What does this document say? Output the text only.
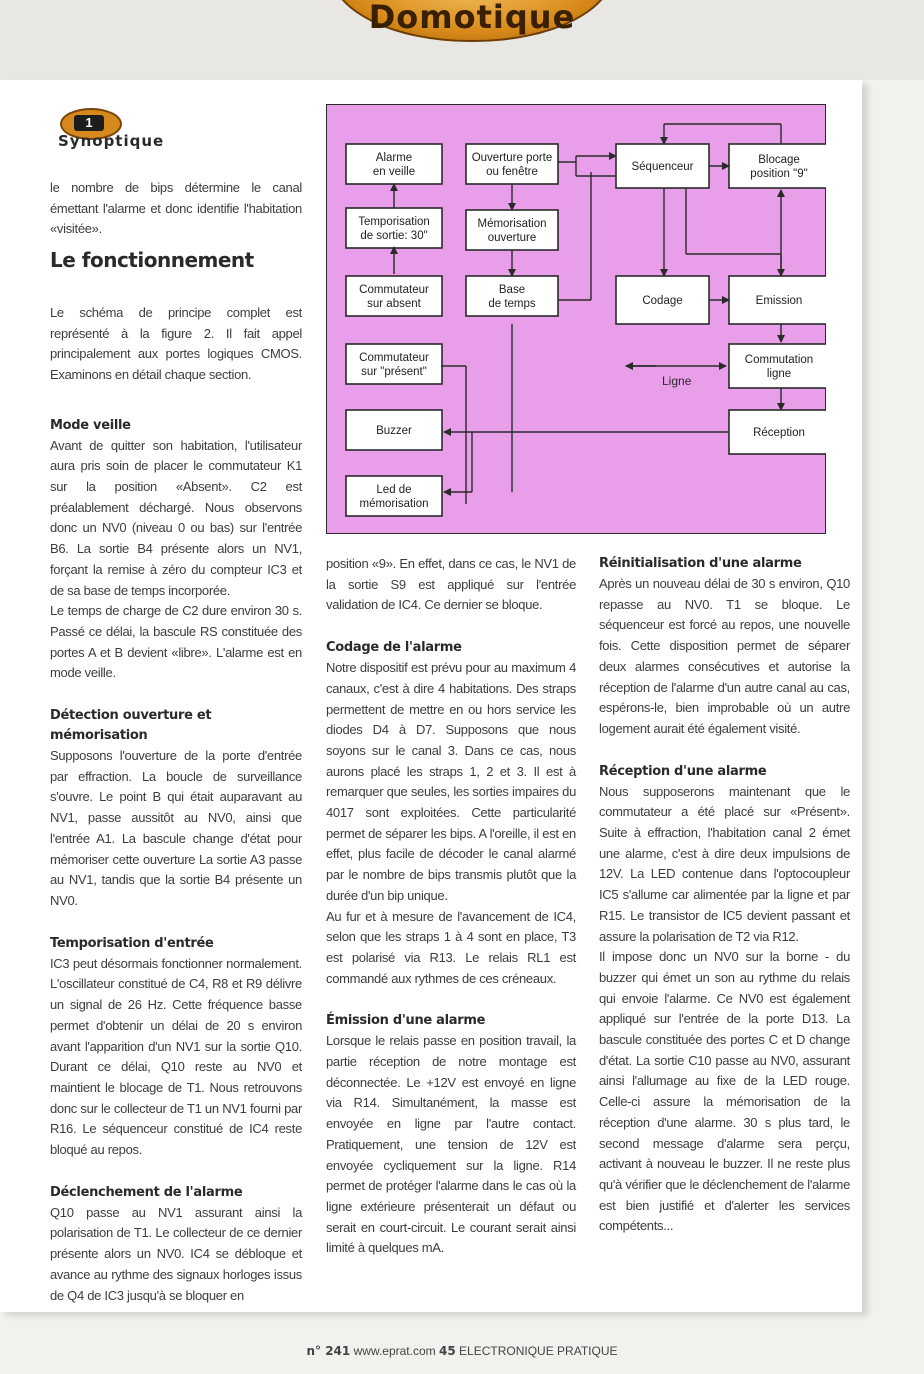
Domotique
1
Synoptique
Alarme
en veille
Ouverture porte
ou fenêtre	Séquenceur
Blocage
position "9"
Temporisation
de sortie: 30"
Mémorisation
ouverture
Commutateur
sur absent
Base
de temps	Codage	Emission
Commutateur
sur "présent"
Commutation
ligne
Buzzer	Réception
Led de
mémorisation
Ligne

le nombre de bips détermine le canal émettant l'alarme et donc identifie l'habitation «visitée».

Le fonctionnement

Le schéma de principe complet est représenté à la figure 2. Il fait appel principalement aux portes logiques CMOS. Examinons en détail chaque section.

Mode veille

Avant de quitter son habitation, l'utilisateur aura pris soin de placer le commutateur K1 sur la position «Absent». C2 est préalablement déchargé. Nous observons donc un NV0 (niveau 0 ou bas) sur l'entrée B6. La sortie B4 présente alors un NV1, forçant la remise à zéro du compteur IC3 et de sa base de temps incorporée.

Le temps de charge de C2 dure environ 30 s. Passé ce délai, la bascule RS constituée des portes A et B devient «libre». L'alarme est en mode veille.

Détection ouverture et mémorisation

Supposons l'ouverture de la porte d'entrée par effraction. La boucle de surveillance s'ouvre. Le point B qui était auparavant au NV1, passe aussitôt au NV0, ainsi que l'entrée A1. La bascule change d'état pour mémoriser cette ouverture La sortie A3 passe au NV1, tandis que la sortie B4 présente un NV0.

Temporisation d'entrée

IC3 peut désormais fonctionner normalement. L'oscillateur constitué de C4, R8 et R9 délivre un signal de 26 Hz. Cette fréquence basse permet d'obtenir un délai de 20 s environ avant l'apparition d'un NV1 sur la sortie Q10. Durant ce délai, Q10 reste au NV0 et maintient le blocage de T1. Nous retrouvons donc sur le collecteur de T1 un NV1 fourni par R16. Le séquenceur constitué de IC4 reste bloqué au repos.

Déclenchement de l'alarme

Q10 passe au NV1 assurant ainsi la polarisation de T1. Le collecteur de ce dernier présente alors un NV0. IC4 se débloque et avance au rythme des signaux horloges issus de Q4 de IC3 jusqu'à se bloquer en

position «9». En effet, dans ce cas, le NV1 de la sortie S9 est appliqué sur l'entrée validation de IC4. Ce dernier se bloque.

Codage de l'alarme

Notre dispositif est prévu pour au maximum 4 canaux, c'est à dire 4 habitations. Des straps permettent de mettre en ou hors service les diodes D4 à D7. Supposons que nous soyons sur le canal 3. Dans ce cas, nous aurons placé les straps 1, 2 et 3. Il est à remarquer que seules, les sorties impaires du 4017 sont exploitées. Cette particularité permet de séparer les bips. A l'oreille, il est en effet, plus facile de décoder le canal alarmé par le nombre de bips transmis plutôt que la durée d'un bip unique.

Au fur et à mesure de l'avancement de IC4, selon que les straps 1 à 4 sont en place, T3 est polarisé via R13. Le relais RL1 est commandé aux rythmes de ces créneaux.

Émission d'une alarme

Lorsque le relais passe en position travail, la partie réception de notre montage est déconnectée. Le +12V est envoyé en ligne via R14. Simultanément, la masse est envoyée en ligne par l'autre contact. Pratiquement, une tension de 12V est envoyée cycliquement sur la ligne. R14 permet de protéger l'alarme dans le cas où la ligne extérieure présenterait un défaut ou serait en court-circuit. Le courant serait ainsi limité à quelques mA.

Réinitialisation d'une alarme

Après un nouveau délai de 30 s environ, Q10 repasse au NV0. T1 se bloque. Le séquenceur est forcé au repos, une nouvelle fois. Cette disposition permet de séparer deux alarmes consécutives et autorise la réception de l'alarme d'un autre canal au cas, espérons-le, bien improbable où un autre logement aurait été également visité.

Réception d'une alarme

Nous supposerons maintenant que le commutateur a été placé sur «Présent». Suite à effraction, l'habitation canal 2 émet une alarme, c'est à dire deux impulsions de 12V. La LED contenue dans l'optocoupleur IC5 s'allume car alimentée par la ligne et par R15. Le transistor de IC5 devient passant et assure la polarisation de T2 via R12.

Il impose donc un NV0 sur la borne - du buzzer qui émet un son au rythme du relais qui envoie l'alarme. Ce NV0 est également appliqué sur l'entrée de la porte D13. La bascule constituée des portes C et D change d'état. La sortie C10 passe au NV0, assurant ainsi l'allumage au fixe de la LED rouge. Celle-ci assure la mémorisation de la réception d'une alarme. 30 s plus tard, le second message d'alarme sera perçu, activant à nouveau le buzzer. Il ne reste plus qu'à vérifier que le déclenchement de l'alarme est bien justifié et d'alerter les services compétents...

n° 241 www.eprat.com 45 ELECTRONIQUE PRATIQUE
